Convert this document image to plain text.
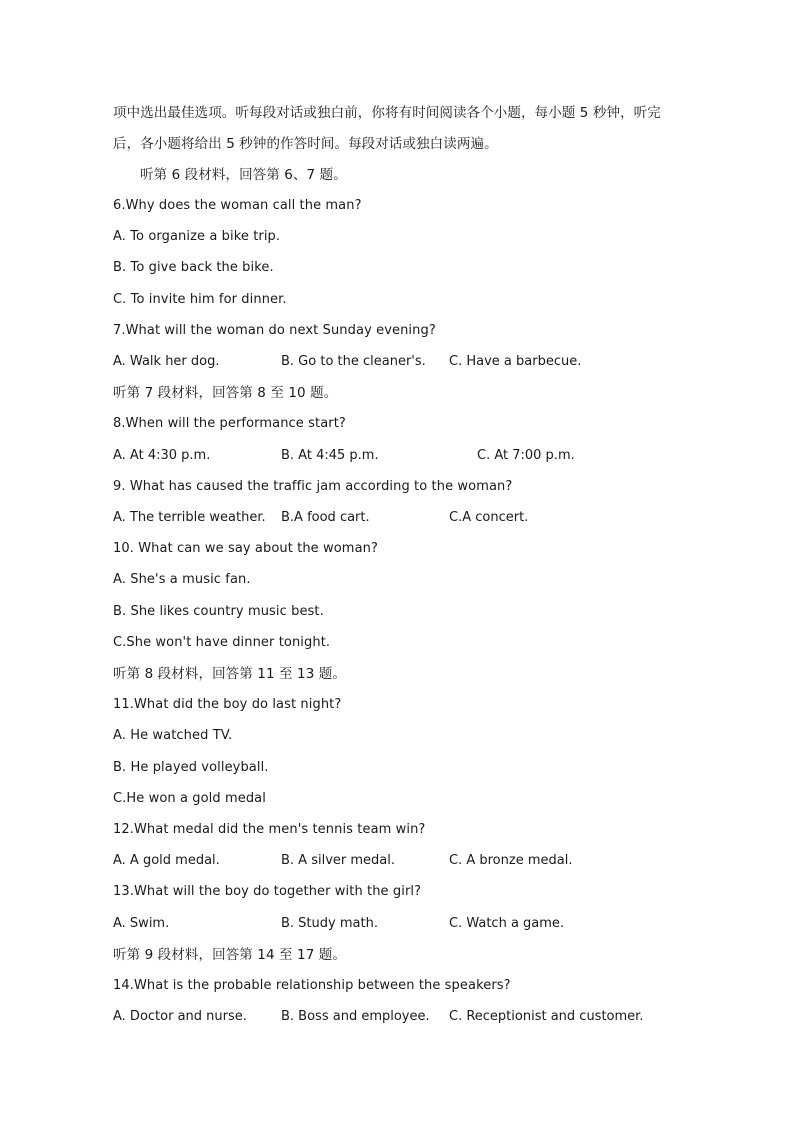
项中选出最佳选项。听每段对话或独白前，你将有时间阅读各个小题，每小题 5 秒钟，听完
后，各小题将给出 5 秒钟的作答时间。每段对话或独白读两遍。
听第 6 段材料，回答第 6、7 题。
6.Why does the woman call the man?
A. To organize a bike trip.
B. To give back the bike.
C. To invite him for dinner.
7.What will the woman do next Sunday evening?
A. Walk her dog.	B. Go to the cleaner's. C. Have a barbecue.
听第 7 段材料，回答第 8 至 10 题。
8.When will the performance start?
A. At 4:30 p.m.	B. At 4:45 p.m.	C. At 7:00 p.m.
9. What has caused the traffic jam according to the woman?
A. The terrible weather. B.A food cart.	C.A concert.
10. What can we say about the woman?
A. She's a music fan.
B. She likes country music best.
C.She won't have dinner tonight.
听第 8 段材料，回答第 11 至 13 题。
11.What did the boy do last night?
A. He watched TV.
B. He played volleyball.
C.He won a gold medal
12.What medal did the men's tennis team win?
A. A gold medal.	B. A silver medal.	C. A bronze medal.
13.What will the boy do together with the girl?
A. Swim.	B. Study math.	C. Watch a game.
听第 9 段材料，回答第 14 至 17 题。
14.What is the probable relationship between the speakers?
A. Doctor and nurse.	B. Boss and employee. C. Receptionist and customer.
